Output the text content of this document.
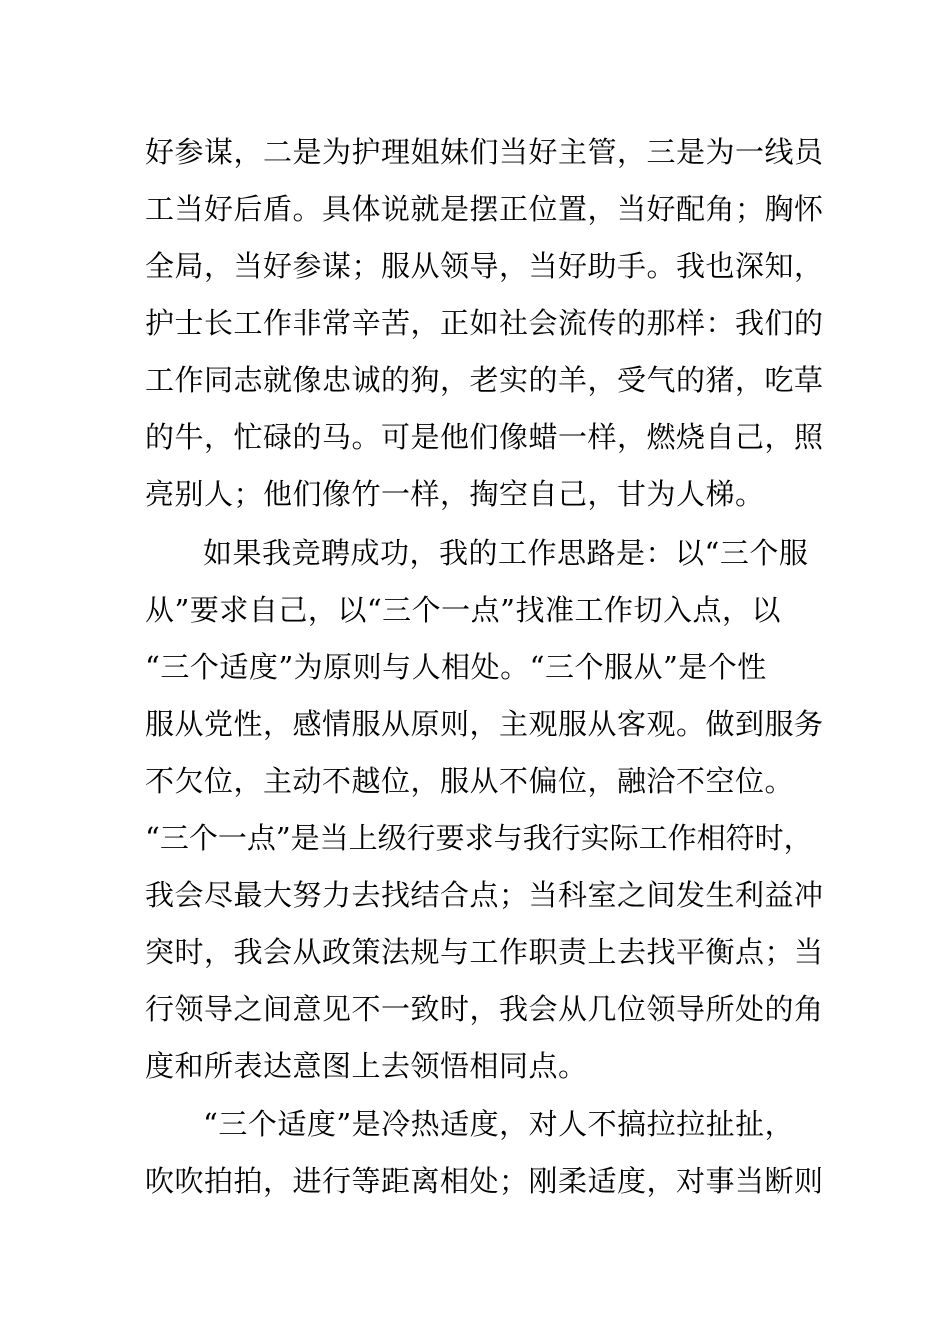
好参谋，二是为护理姐妹们当好主管，三是为一线员
工当好后盾。具体说就是摆正位置，当好配角；胸怀
全局，当好参谋；服从领导，当好助手。我也深知，
护士长工作非常辛苦，正如社会流传的那样：我们的
工作同志就像忠诚的狗，老实的羊，受气的猪，吃草
的牛，忙碌的马。可是他们像蜡一样，燃烧自己，照
亮别人；他们像竹一样，掏空自己，甘为人梯。
如果我竞聘成功，我的工作思路是：以“三个服
从”要求自己，以“三个一点”找准工作切入点，以
“三个适度”为原则与人相处。“三个服从”是个性
服从党性，感情服从原则，主观服从客观。做到服务
不欠位，主动不越位，服从不偏位，融洽不空位。
“三个一点”是当上级行要求与我行实际工作相符时，
我会尽最大努力去找结合点；当科室之间发生利益冲
突时，我会从政策法规与工作职责上去找平衡点；当
行领导之间意见不一致时，我会从几位领导所处的角
度和所表达意图上去领悟相同点。
“三个适度”是冷热适度，对人不搞拉拉扯扯，
吹吹拍拍，进行等距离相处；刚柔适度，对事当断则
